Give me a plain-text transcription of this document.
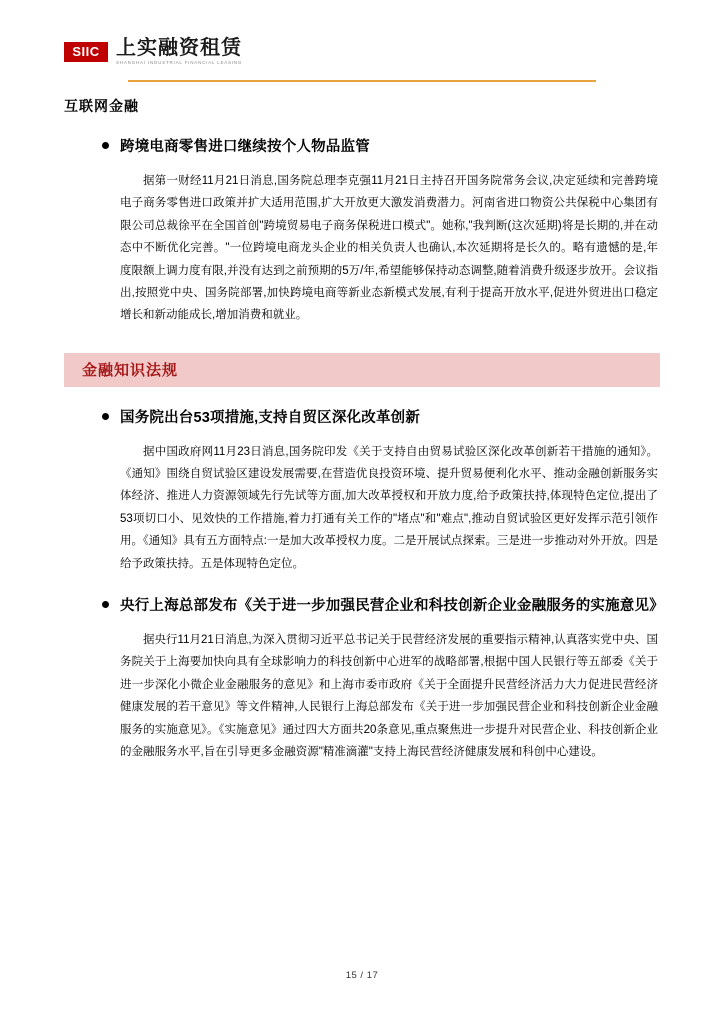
SIIC 上实融资租赁
SHANGHAI INDUSTRIAL FINANCIAL LEASING
互联网金融
跨境电商零售进口继续按个人物品监管
据第一财经11月21日消息,国务院总理李克强11月21日主持召开国务院常务会议,决定延续和完善跨境电子商务零售进口政策并扩大适用范围,扩大开放更大激发消费潜力。河南省进口物资公共保税中心集团有限公司总裁徐平在全国首创"跨境贸易电子商务保税进口模式"。她称,"我判断(这次延期)将是长期的,并在动态中不断优化完善。"一位跨境电商龙头企业的相关负责人也确认,本次延期将是长久的。略有遗憾的是,年度限额上调力度有限,并没有达到之前预期的5万/年,希望能够保持动态调整,随着消费升级逐步放开。会议指出,按照党中央、国务院部署,加快跨境电商等新业态新模式发展,有利于提高开放水平,促进外贸进出口稳定增长和新动能成长,增加消费和就业。
金融知识法规
国务院出台53项措施,支持自贸区深化改革创新
据中国政府网11月23日消息,国务院印发《关于支持自由贸易试验区深化改革创新若干措施的通知》。《通知》围绕自贸试验区建设发展需要,在营造优良投资环境、提升贸易便利化水平、推动金融创新服务实体经济、推进人力资源领域先行先试等方面,加大改革授权和开放力度,给予政策扶持,体现特色定位,提出了53项切口小、见效快的工作措施,着力打通有关工作的"堵点"和"难点",推动自贸试验区更好发挥示范引领作用。《通知》具有五方面特点:一是加大改革授权力度。二是开展试点探索。三是进一步推动对外开放。四是给予政策扶持。五是体现特色定位。
央行上海总部发布《关于进一步加强民营企业和科技创新企业金融服务的实施意见》
据央行11月21日消息,为深入贯彻习近平总书记关于民营经济发展的重要指示精神,认真落实党中央、国务院关于上海要加快向具有全球影响力的科技创新中心进军的战略部署,根据中国人民银行等五部委《关于进一步深化小微企业金融服务的意见》和上海市委市政府《关于全面提升民营经济活力大力促进民营经济健康发展的若干意见》等文件精神,人民银行上海总部发布《关于进一步加强民营企业和科技创新企业金融服务的实施意见》。《实施意见》通过四大方面共20条意见,重点聚焦进一步提升对民营企业、科技创新企业的金融服务水平,旨在引导更多金融资源"精准滴灌"支持上海民营经济健康发展和科创中心建设。
15 / 17
